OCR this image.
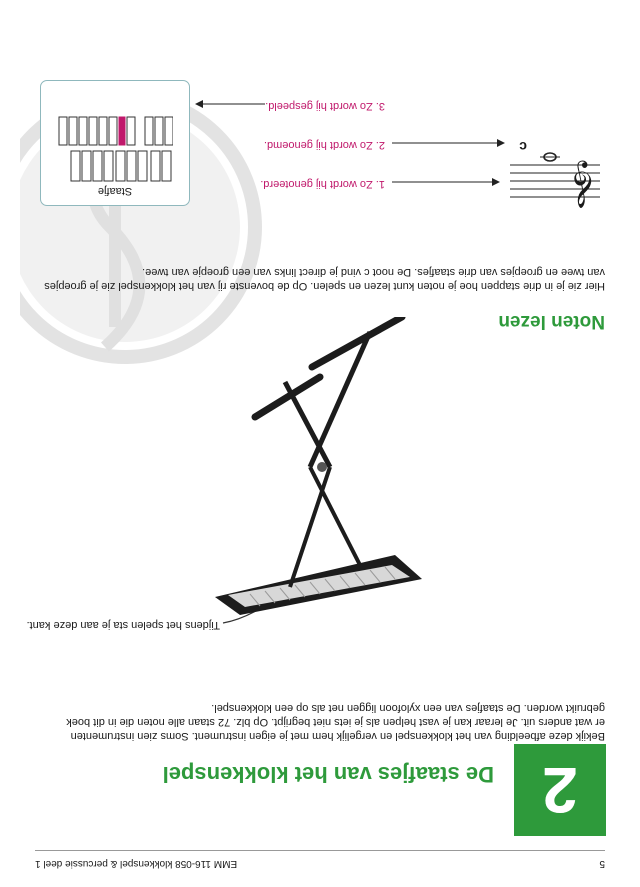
5
EMM 116-058 klokkenspel & percussie deel 1
2
De staafjes van het klokkenspel
Bekijk deze afbeelding van het klokkenspel en vergelijk hem met je eigen instrument. Soms zien instrumenten
er wat anders uit. Je leraar kan je vast helpen als je iets niet begrijpt. Op blz. 72 staan alle noten die in dit boek
gebruikt worden. De staafjes van een xylofoon liggen net als op een klokkenspel.
Tijdens het spelen sta je aan deze kant.
Noten lezen
Hier zie je in drie stappen hoe je noten kunt lezen en spelen. Op de bovenste rij van het klokkenspel zie je groepjes
van twee en groepjes van drie staafjes. De noot c vind je direct links van een groepje van twee.
𝄞
c
1. Zo wordt hij genoteerd.
2. Zo wordt hij genoemd.
3. Zo wordt hij gespeeld.
Staafje
